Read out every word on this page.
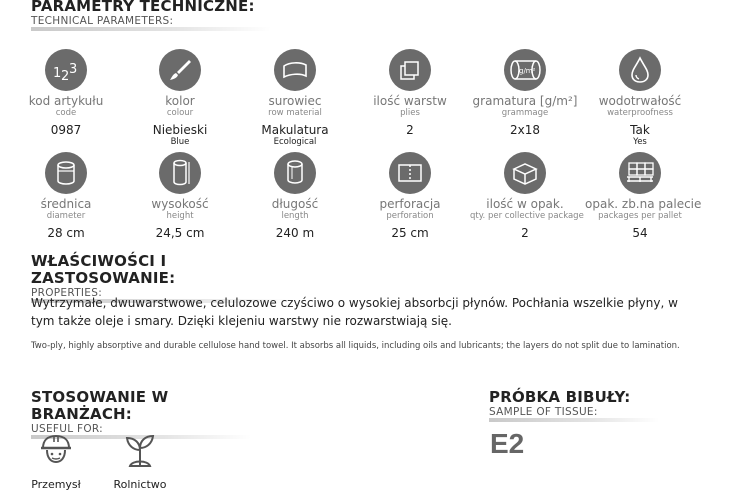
PARAMETRY TECHNICZNE:
TECHNICAL PARAMETERS:
1 2 3
kod artykułu
code
0987
kolor
colour
Niebieski
Blue
surowiec
row material
Makulatura
Ecological
ilość warstw
plies
2
g/m²
gramatura [g/m²]
grammage
2x18
wodotrwałość
waterproofness
Tak
Yes
średnica
diameter
28 cm
wysokość
height
24,5 cm
długość
length
240 m
perforacja
perforation
25 cm
ilość w opak.
qty. per collective package
2
opak. zb.na palecie
packages per pallet
54
WŁAŚCIWOŚCI I ZASTOSOWANIE:
PROPERTIES:
Wytrzymałe, dwuwarstwowe, celulozowe czyściwo o wysokiej absorbcji płynów. Pochłania wszelkie płyny, w tym także oleje i smary. Dzięki klejeniu warstwy nie rozwarstwiają się.
Two-ply, highly absorptive and durable cellulose hand towel. It absorbs all liquids, including oils and lubricants; the layers do not split due to lamination.
STOSOWANIE W BRANŻACH:
USEFUL FOR:
Przemysł	Rolnictwo
PRÓBKA BIBUŁY:
SAMPLE OF TISSUE:
E2
